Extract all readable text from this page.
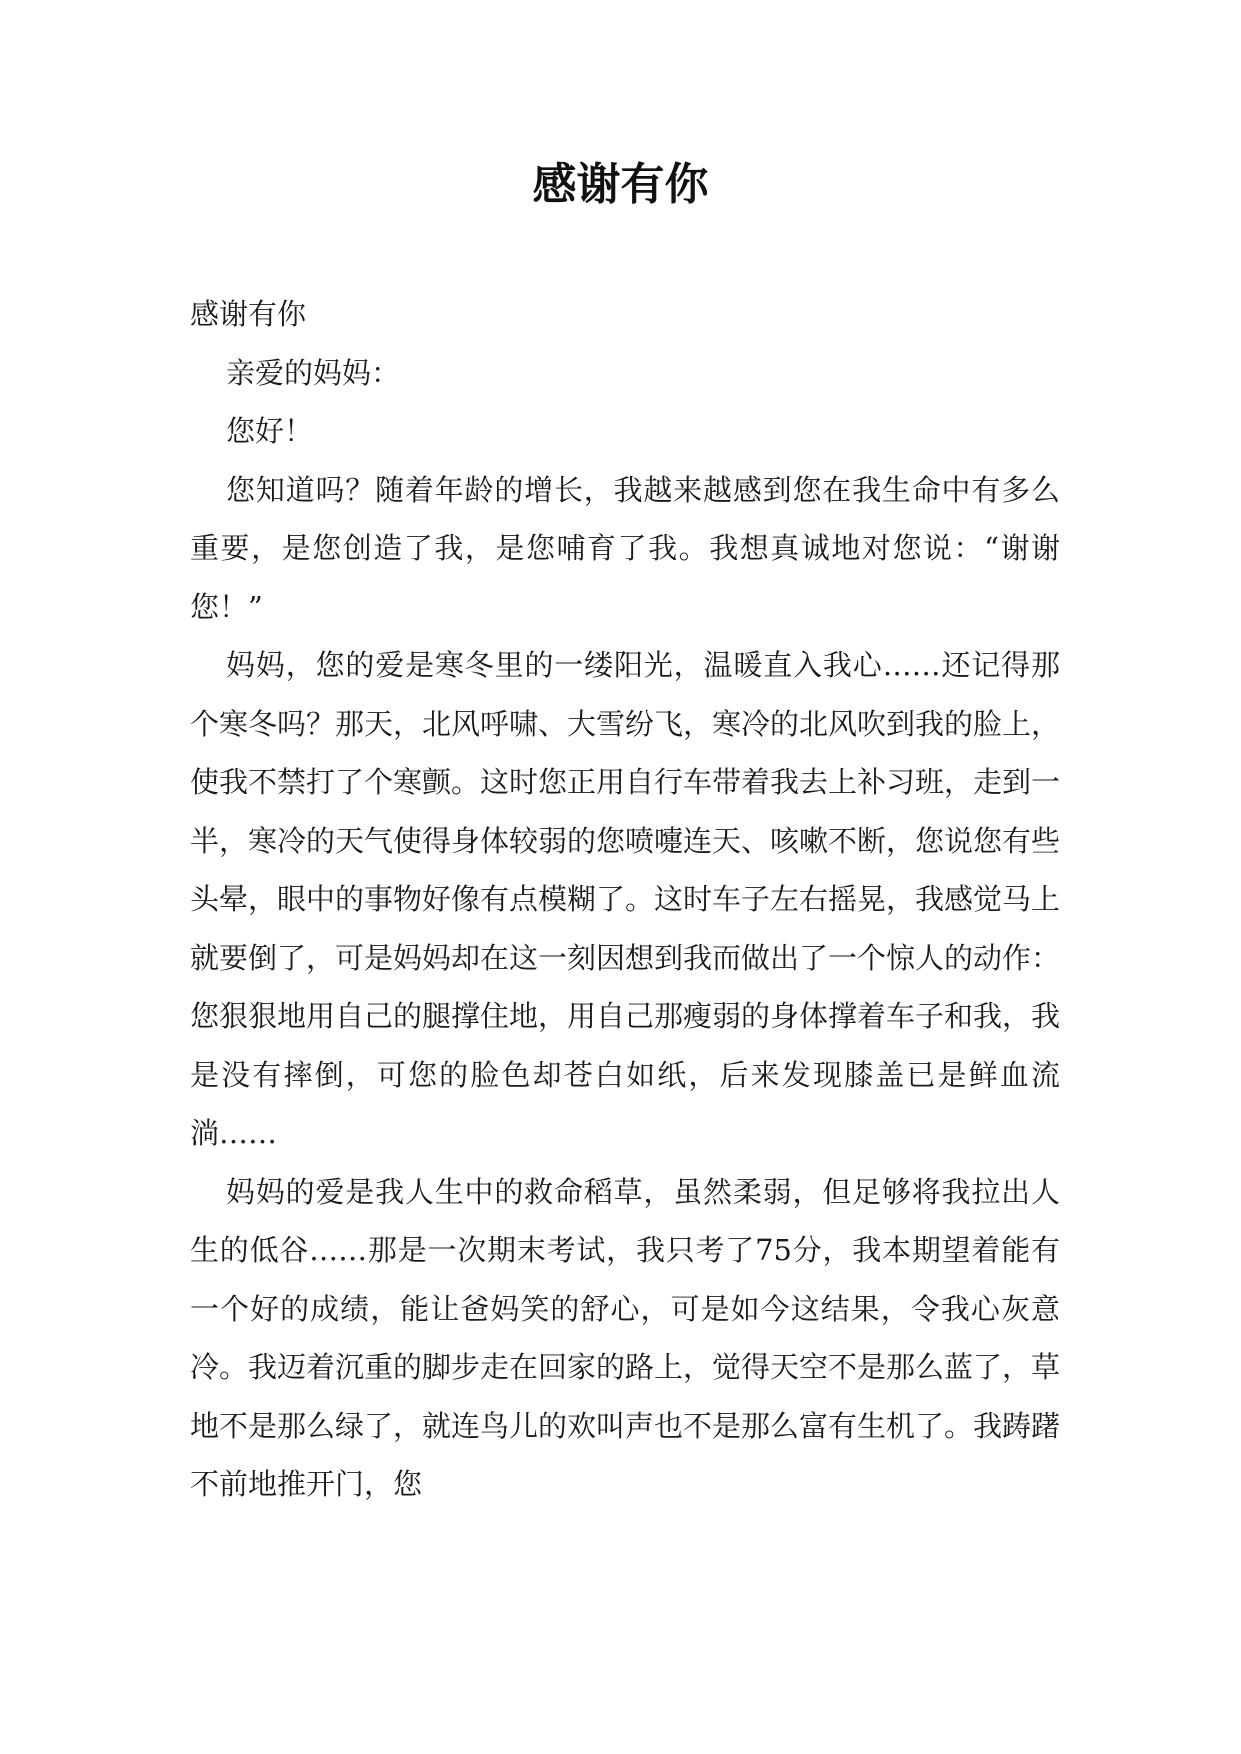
感谢有你

感谢有你

亲爱的妈妈：

您好！

您知道吗？随着年龄的增长，我越来越感到您在我生命中有多么重要，是您创造了我，是您哺育了我。我想真诚地对您说：“谢谢您！”

妈妈，您的爱是寒冬里的一缕阳光，温暖直入我心……还记得那个寒冬吗？那天，北风呼啸、大雪纷飞，寒冷的北风吹到我的脸上，使我不禁打了个寒颤。这时您正用自行车带着我去上补习班，走到一半，寒冷的天气使得身体较弱的您喷嚏连天、咳嗽不断，您说您有些头晕，眼中的事物好像有点模糊了。这时车子左右摇晃，我感觉马上就要倒了，可是妈妈却在这一刻因想到我而做出了一个惊人的动作：您狠狠地用自己的腿撑住地，用自己那瘦弱的身体撑着车子和我，我是没有摔倒，可您的脸色却苍白如纸，后来发现膝盖已是鲜血流淌……

妈妈的爱是我人生中的救命稻草，虽然柔弱，但足够将我拉出人生的低谷……那是一次期末考试，我只考了75分，我本期望着能有一个好的成绩，能让爸妈笑的舒心，可是如今这结果，令我心灰意冷。我迈着沉重的脚步走在回家的路上，觉得天空不是那么蓝了，草地不是那么绿了，就连鸟儿的欢叫声也不是那么富有生机了。我踌躇不前地推开门，您
